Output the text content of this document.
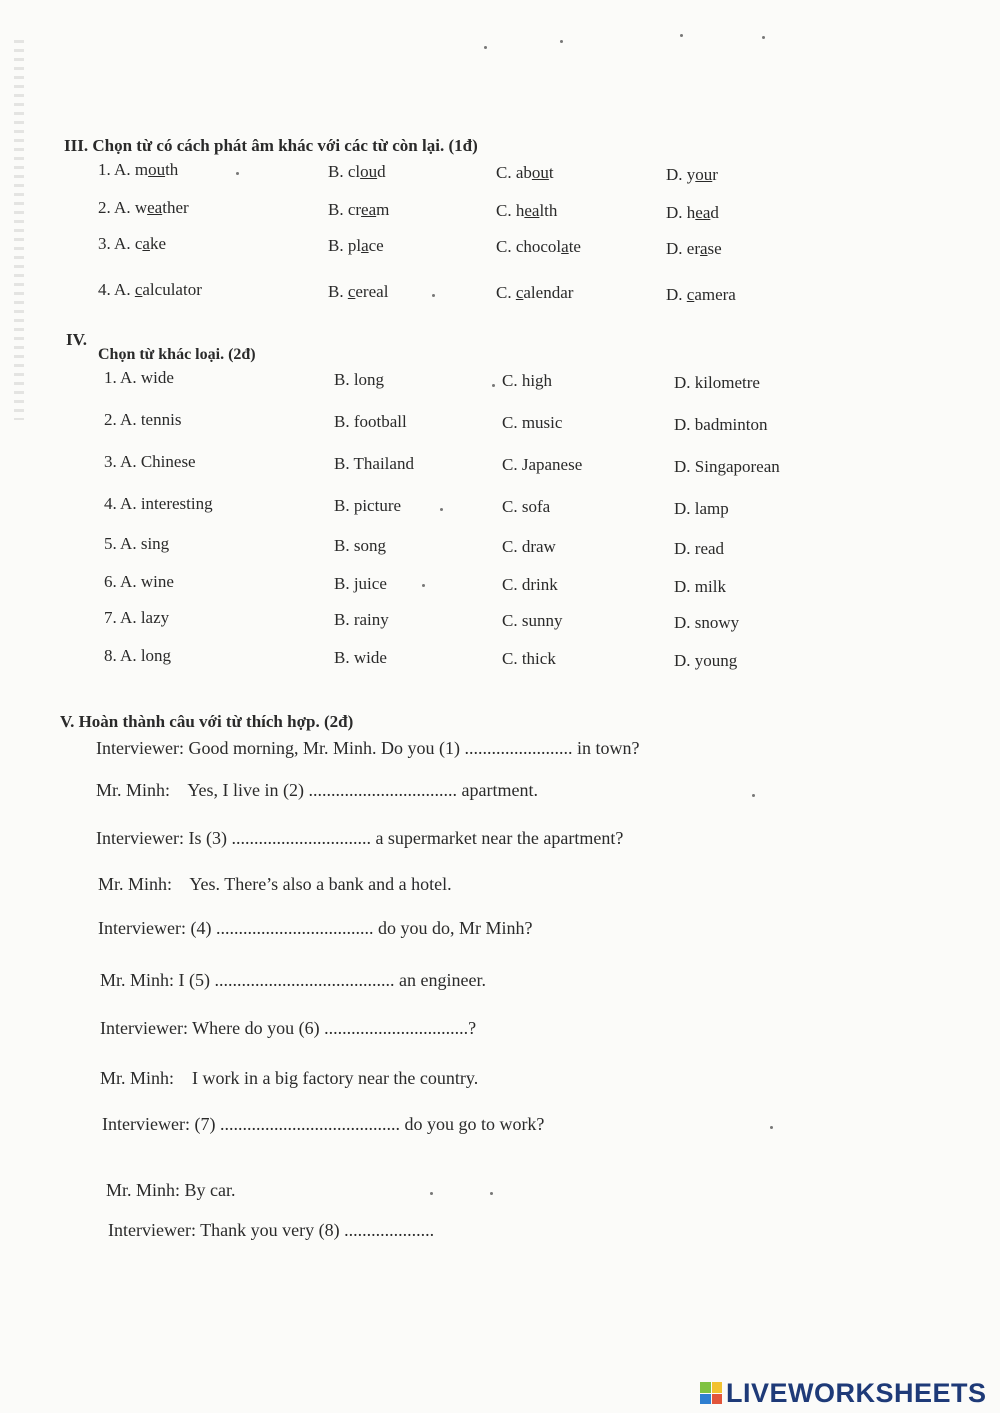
III. Chọn từ có cách phát âm khác với các từ còn lại. (1đ)
1. A. mouth	B. cloud	C. about	D. your
2. A. weather	B. cream	C. health	D. head
3. A. cake	B. place	C. chocolate	D. erase
4. A. calculator	B. cereal	C. calendar	D. camera
IV.
Chọn từ khác loại. (2đ)
1. A. wide	B. long	C. high	D. kilometre
2. A. tennis	B. football	C. music	D. badminton
3. A. Chinese	B. Thailand	C. Japanese	D. Singaporean
4. A. interesting	B. picture	C. sofa	D. lamp
5. A. sing	B. song	C. draw	D. read
6. A. wine	B. juice	C. drink	D. milk
7. A. lazy	B. rainy	C. sunny	D. snowy
8. A. long	B. wide	C. thick	D. young
V. Hoàn thành câu với từ thích hợp. (2đ)
Interviewer: Good morning, Mr. Minh. Do you (1) ........................ in town?
Mr. Minh:    Yes, I live in (2) ................................. apartment.
Interviewer: Is (3) ............................... a supermarket near the apartment?
Mr. Minh:    Yes. There’s also a bank and a hotel.
Interviewer: (4) ................................... do you do, Mr Minh?
Mr. Minh: I (5) ........................................ an engineer.
Interviewer: Where do you (6) ................................?
Mr. Minh:    I work in a big factory near the country.
Interviewer: (7) ........................................ do you go to work?
Mr. Minh: By car.
Interviewer: Thank you very (8) ....................
LIVEWORKSHEETS
